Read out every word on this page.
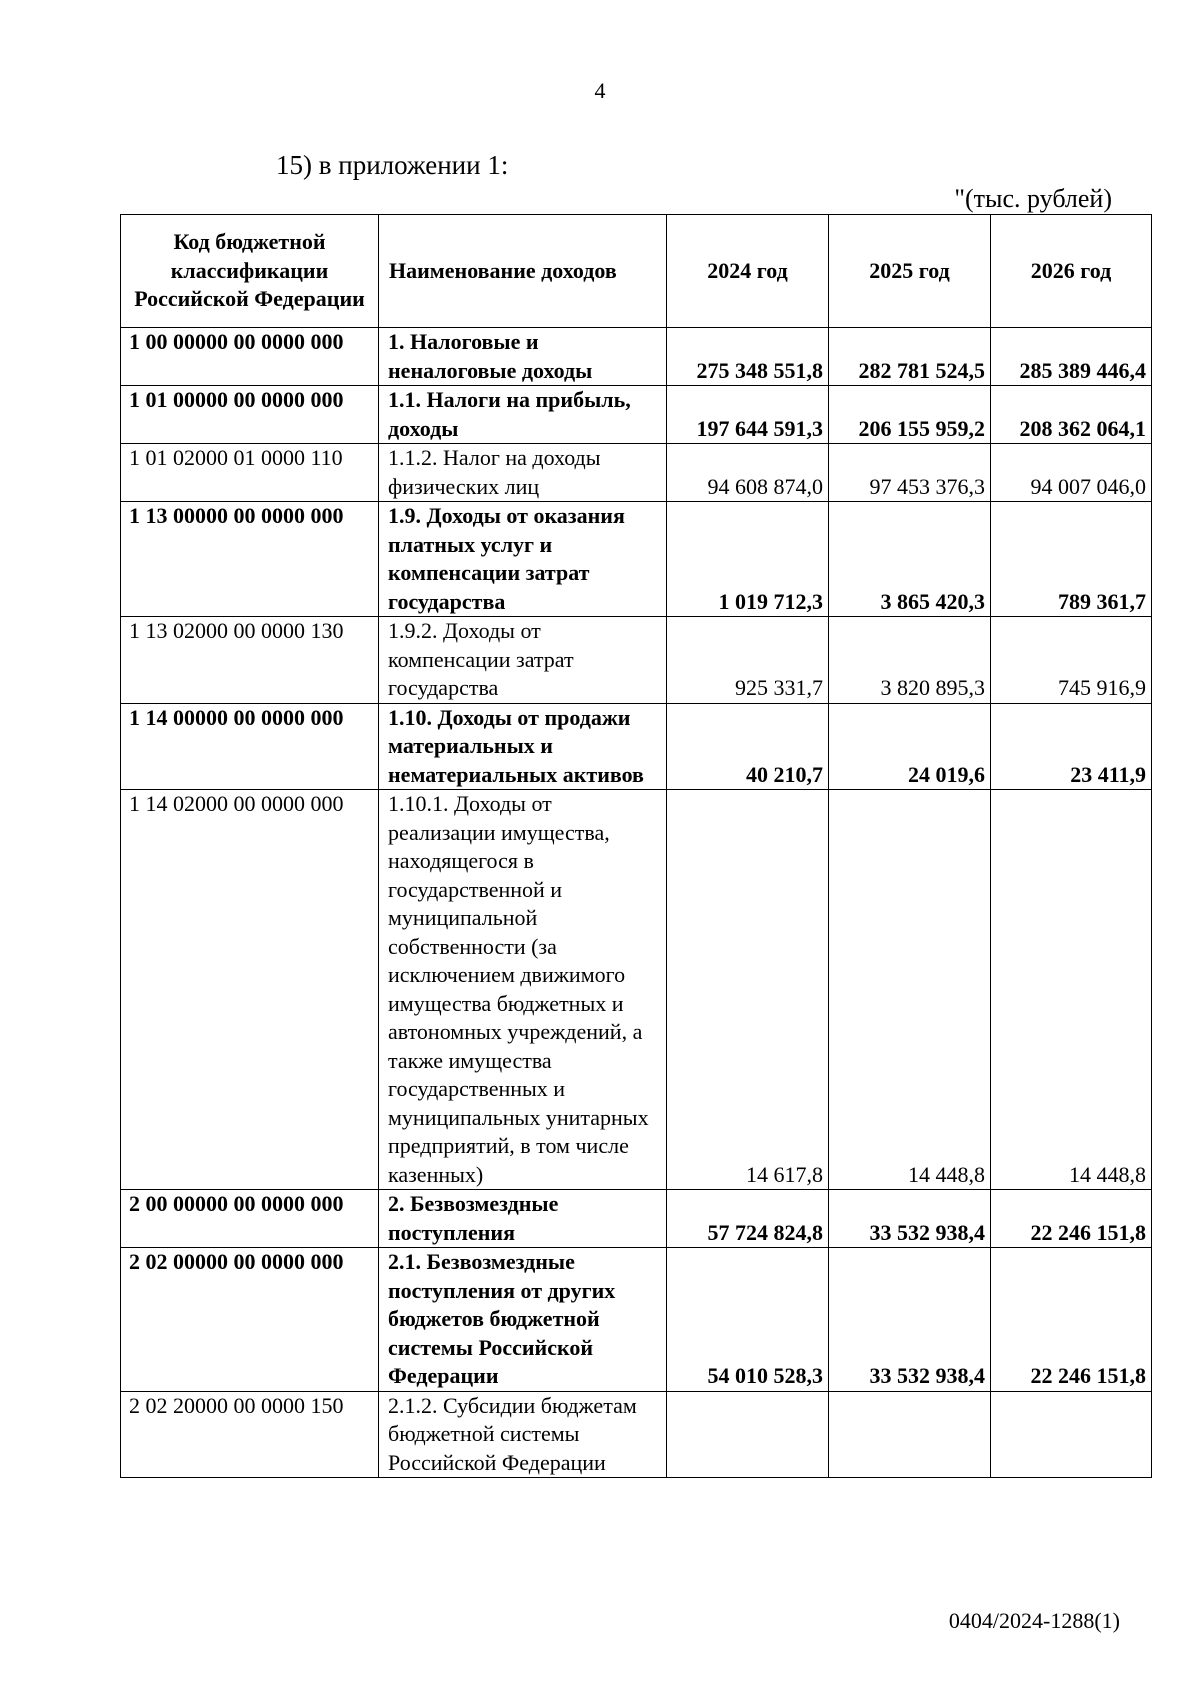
4
15) в приложении 1:
"(тыс. рублей)
Код бюджетной классификации Российской Федерации	Наименование доходов	2024 год	2025 год	2026 год
1 00 00000 00 0000 000	1. Налоговые и неналоговые доходы	275 348 551,8	282 781 524,5	285 389 446,4
1 01 00000 00 0000 000	1.1. Налоги на прибыль, доходы	197 644 591,3	206 155 959,2	208 362 064,1
1 01 02000 01 0000 110	1.1.2. Налог на доходы физических лиц	94 608 874,0	97 453 376,3	94 007 046,0
1 13 00000 00 0000 000	1.9. Доходы от оказания платных услуг и компенсации затрат государства	1 019 712,3	3 865 420,3	789 361,7
1 13 02000 00 0000 130	1.9.2. Доходы от компенсации затрат государства	925 331,7	3 820 895,3	745 916,9
1 14 00000 00 0000 000	1.10. Доходы от продажи материальных и нематериальных активов	40 210,7	24 019,6	23 411,9
1 14 02000 00 0000 000	1.10.1. Доходы от реализации имущества, находящегося в государственной и муниципальной собственности (за исключением движимого имущества бюджетных и автономных учреждений, а также имущества государственных и муниципальных унитарных предприятий, в том числе казенных)	14 617,8	14 448,8	14 448,8
2 00 00000 00 0000 000	2. Безвозмездные поступления	57 724 824,8	33 532 938,4	22 246 151,8
2 02 00000 00 0000 000	2.1. Безвозмездные поступления от других бюджетов бюджетной системы Российской Федерации	54 010 528,3	33 532 938,4	22 246 151,8
2 02 20000 00 0000 150	2.1.2. Субсидии бюджетам бюджетной системы Российской Федерации			
0404/2024-1288(1)
